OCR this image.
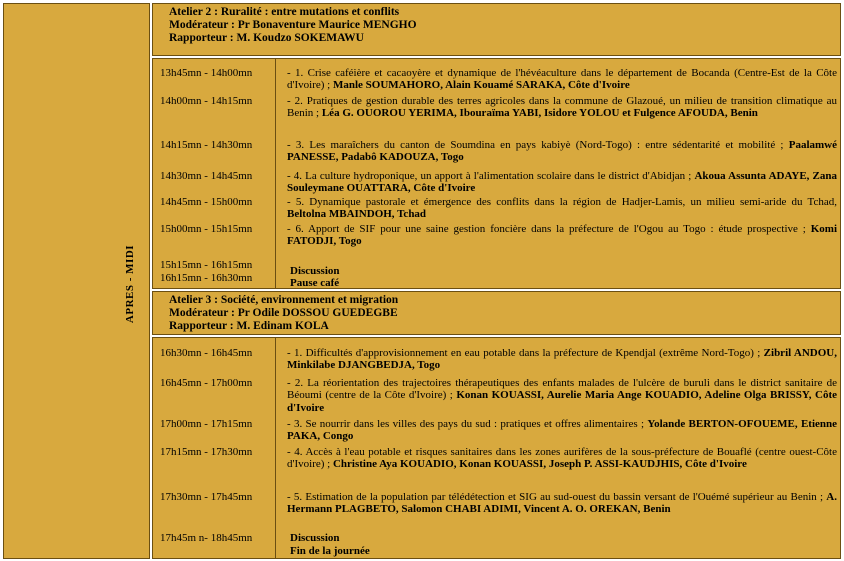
APRES - MIDI
Atelier 2 : Ruralité : entre mutations et conflits
Modérateur : Pr Bonaventure Maurice MENGHO
Rapporteur : M. Koudzo SOKEMAWU
13h45mn - 14h00mn
14h00mn - 14h15mn
14h15mn - 14h30mn
14h30mn - 14h45mn
14h45mn - 15h00mn
15h00mn - 15h15mn
15h15mn - 16h15mn
16h15mn - 16h30mn
- 1. Crise caféière et cacaoyère et dynamique de l'hévéaculture dans le département de Bocanda (Centre-Est de la Côte d'Ivoire) ; Manle SOUMAHORO, Alain Kouamé SARAKA, Côte d'Ivoire
- 2. Pratiques de gestion durable des terres agricoles dans la commune de Glazoué, un milieu de transition climatique au Benin ; Léa G. OUOROU YERIMA, Ibouraïma YABI, Isidore YOLOU et Fulgence AFOUDA, Benin
- 3. Les maraîchers du canton de Soumdina en pays kabiyè (Nord-Togo) : entre sédentarité et mobilité ; Paalamwé PANESSE, Padabô KADOUZA, Togo
- 4. La culture hydroponique, un apport à l'alimentation scolaire dans le district d'Abidjan ; Akoua Assunta ADAYE, Zana Souleymane OUATTARA, Côte d'Ivoire
- 5. Dynamique pastorale et émergence des conflits dans la région de Hadjer-Lamis, un milieu semi-aride du Tchad, Beltolna MBAINDOH, Tchad
- 6. Apport de SIF pour une saine gestion foncière dans la préfecture de l'Ogou au Togo : étude prospective ; Komi FATODJI, Togo
Discussion
Pause café
Atelier 3 : Société, environnement et migration
Modérateur : Pr Odile DOSSOU GUEDEGBE
Rapporteur : M. Edinam KOLA
16h30mn - 16h45mn
16h45mn - 17h00mn
17h00mn - 17h15mn
17h15mn - 17h30mn
17h30mn - 17h45mn
17h45m n- 18h45mn
- 1. Difficultés d'approvisionnement en eau potable dans la préfecture de Kpendjal (extrême Nord-Togo) ; Zibril ANDOU, Minkilabe DJANGBEDJA, Togo
- 2. La réorientation des trajectoires thérapeutiques des enfants malades de l'ulcère de buruli dans le district sanitaire de Béoumi (centre de la Côte d'Ivoire) ; Konan KOUASSI, Aurelie Maria Ange KOUADIO, Adeline Olga BRISSY, Côte d'Ivoire
- 3. Se nourrir dans les villes des pays du sud : pratiques et offres alimentaires ; Yolande BERTON-OFOUEME, Etienne PAKA, Congo
- 4. Accès à l'eau potable et risques sanitaires dans les zones aurifères de la sous-préfecture de Bouaflé (centre ouest-Côte d'Ivoire) ; Christine Aya KOUADIO, Konan KOUASSI, Joseph P. ASSI-KAUDJHIS, Côte d'Ivoire
- 5. Estimation de la population par télédétection et SIG au sud-ouest du bassin versant de l'Ouémé supérieur au Benin ; A. Hermann PLAGBETO, Salomon CHABI ADIMI, Vincent A. O. OREKAN, Benin
Discussion
Fin de la journée
